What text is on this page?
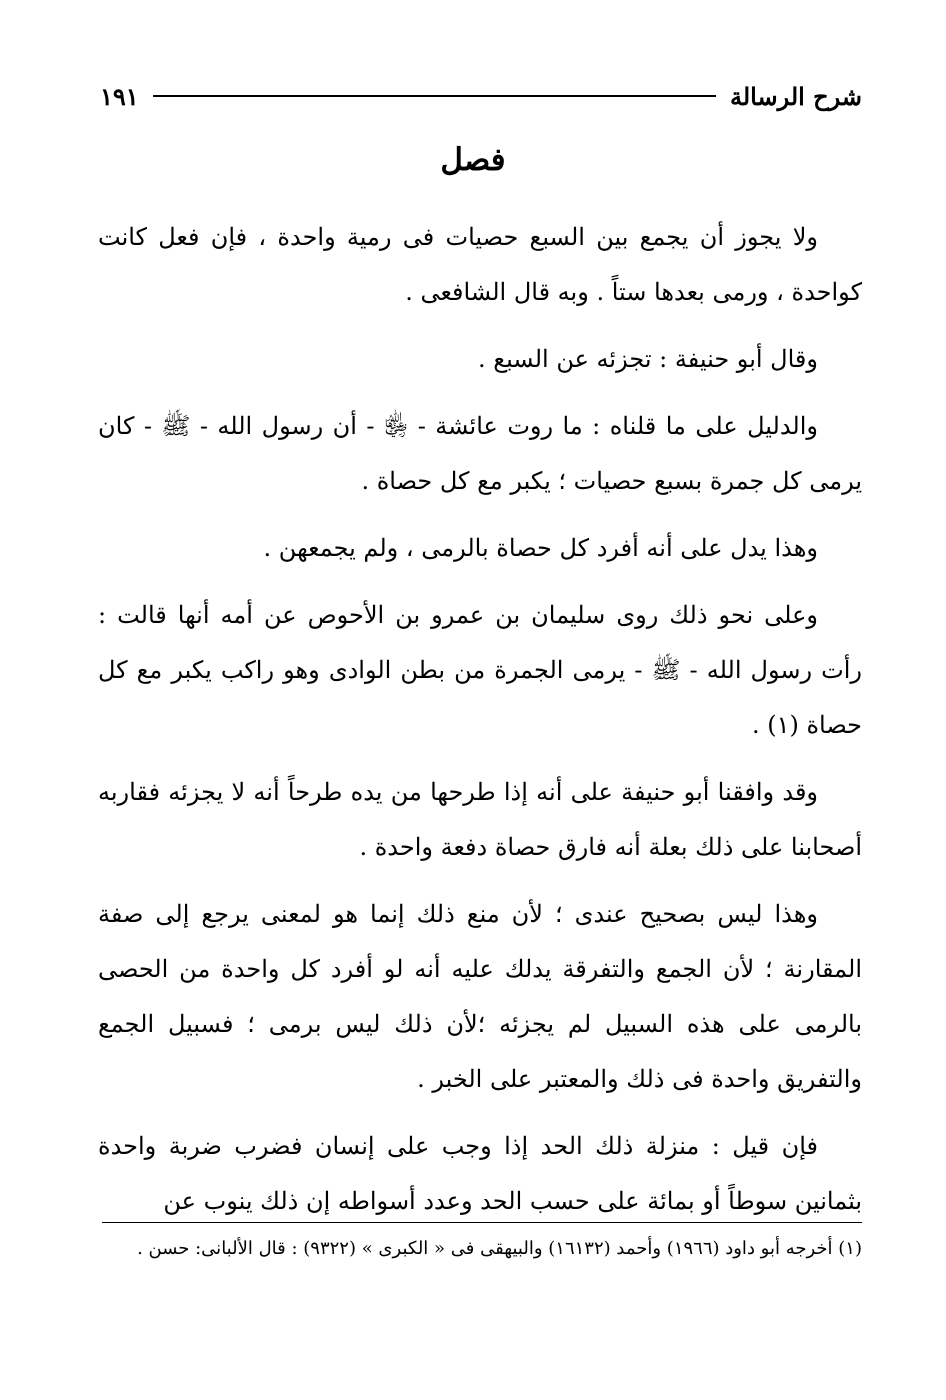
شرح الرسالة
١٩١
فصل

ولا يجوز أن يجمع بين السبع حصيات فى رمية واحدة ، فإن فعل كانت كواحدة ، ورمى بعدها ستاً . وبه قال الشافعى .

وقال أبو حنيفة : تجزئه عن السبع .

والدليل على ما قلناه : ما روت عائشة - ﵂ - أن رسول الله - ﷺ - كان يرمى كل جمرة بسبع حصيات ؛ يكبر مع كل حصاة .

وهذا يدل على أنه أفرد كل حصاة بالرمى ، ولم يجمعهن .

وعلى نحو ذلك روى سليمان بن عمرو بن الأحوص عن أمه أنها قالت : رأت رسول الله - ﷺ - يرمى الجمرة من بطن الوادى وهو راكب يكبر مع كل حصاة (١) .

وقد وافقنا أبو حنيفة على أنه إذا طرحها من يده طرحاً أنه لا يجزئه فقاربه أصحابنا على ذلك بعلة أنه فارق حصاة دفعة واحدة .

وهذا ليس بصحيح عندى ؛ لأن منع ذلك إنما هو لمعنى يرجع إلى صفة المقارنة ؛ لأن الجمع والتفرقة يدلك عليه أنه لو أفرد كل واحدة من الحصى بالرمى على هذه السبيل لم يجزئه ؛لأن ذلك ليس برمى ؛ فسبيل الجمع والتفريق واحدة فى ذلك والمعتبر على الخبر .

فإن قيل : منزلة ذلك الحد إذا وجب على إنسان فضرب ضربة واحدة بثمانين سوطاً أو بمائة على حسب الحد وعدد أسواطه إن ذلك ينوب عن

(١) أخرجه أبو داود (١٩٦٦) وأحمد (١٦١٣٢) والبيهقى فى « الكبرى » (٩٣٢٢) : قال الألبانى: حسن .
